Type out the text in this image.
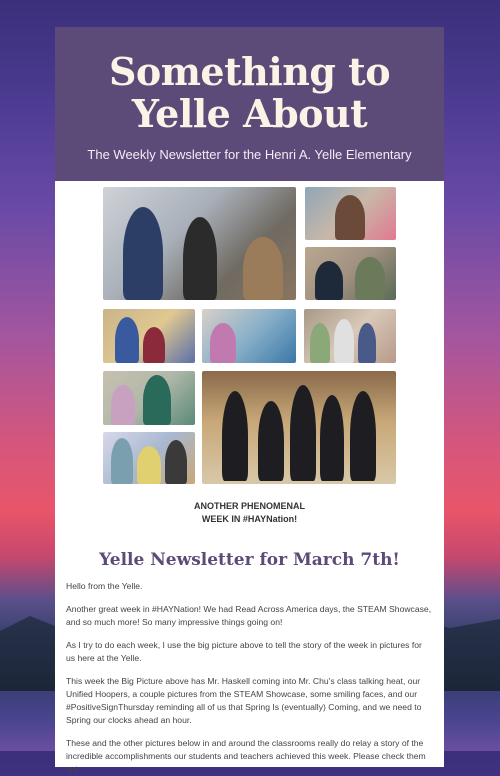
Something to
Yelle About
The Weekly Newsletter for the Henri A. Yelle Elementary
ANOTHER PHENOMENAL
WEEK IN #HAYNation!
Yelle Newsletter for March 7th!

Hello from the Yelle.

Another great week in #HAYNation! We had Read Across America days, the STEAM Showcase, and so much more! So many impressive things going on!

As I try to do each week, I use the big picture above to tell the story of the week in pictures for us here at the Yelle.

This week the Big Picture above has Mr. Haskell coming into Mr. Chu's class talking heat, our Unified Hoopers, a couple pictures from the STEAM Showcase, some smiling faces, and our #PositiveSignThursday reminding all of us that Spring Is (eventually) Coming, and we need to Spring our clocks ahead an hour.

These and the other pictures below in and around the classrooms really do relay a story of the incredible accomplishments our students and teachers achieved this week. Please check them out
